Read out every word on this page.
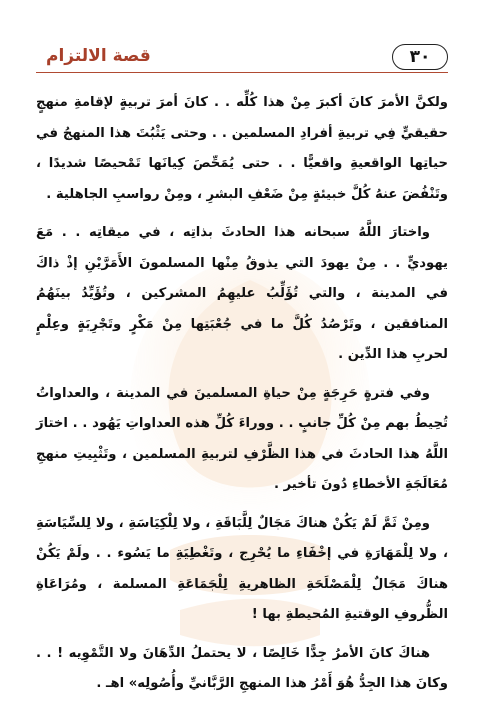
٣٠
قصة الالتزام

ولكنَّ الأمرَ كانَ أكبرَ مِنْ هذا كُلِّه . . كانَ أمرَ تربيةٍ لإقامةِ منهجٍ حقيقيٍّ فِي تربيةِ أفرادِ المسلمين . . وحتى يَثْبُتَ هذا المنهجُ في حياتِها الواقعيةِ واقعيًّا . . حتى يُمَحِّصَ كِيانَها تَمْحيصًا شديدًا ، وتَنْفُضَ عنهُ كُلَّ خبيئةٍ مِنْ ضَعْفِ البشرِ ، ومِنْ رواسبِ الجاهلية .

واختارَ اللَّهُ سبحانه هذا الحادثَ بذاتِه ، في ميقاتِه . . مَعَ يهوديٍّ . . مِنْ يهودَ التي يذوقُ مِنْها المسلمونَ الأَمَرَّيْنِ إذْ ذاكَ في المدينة ، والتي تُؤَلِّبُ عليهِمُ المشركين ، وتُؤَيِّدُ بينَهُمُ المنافقين ، وتَرْصُدُ كُلَّ ما في جُعْبَتِها مِنْ مَكْرٍ وتَجْرِبَةٍ وعِلْمٍ لحربِ هذا الدِّين .

وفي فترةٍ حَرِجَةٍ مِنْ حياةِ المسلمينَ في المدينة ، والعداواتُ تُحِيطُ بهم مِنْ كُلِّ جانبٍ . . ووراءَ كُلِّ هذه العداواتِ يَهُود . . اختارَ اللَّهُ هذا الحادثَ في هذا الظَّرْفِ لتربيةِ المسلمين ، وتَثْبِيتِ منهجِ مُعَالَجَةِ الأخطاءِ دُونَ تأخير .

ومِنْ ثَمَّ لَمْ يَكُنْ هناكَ مَجَالٌ لِلَّبَاقَةِ ، ولا لِلْكِيَاسَةِ ، ولا لِلسِّيَاسَةِ ، ولا لِلْمَهَارَةِ في إخْفَاءِ ما يُحْرِج ، وتَغْطِيَةِ ما يَسُوء . . ولَمْ يَكُنْ هناكَ مَجَالٌ لِلْمَصْلَحَةِ الظاهريةِ لِلْجَمَاعَةِ المسلمة ، ومُرَاعَاةِ الظُّروفِ الوقتيةِ المُحيطةِ بها !

هناكَ كانَ الأمرُ جِدًّا خَالِصًا ، لا يحتملُ الدِّهَانَ ولا التَّمْوِيه ! . . وكانَ هذا الجِدُّ هُوَ أَمْرُ هذا المنهجِ الرَّبَّانيِّ وأُصُولِه» اهـ .
